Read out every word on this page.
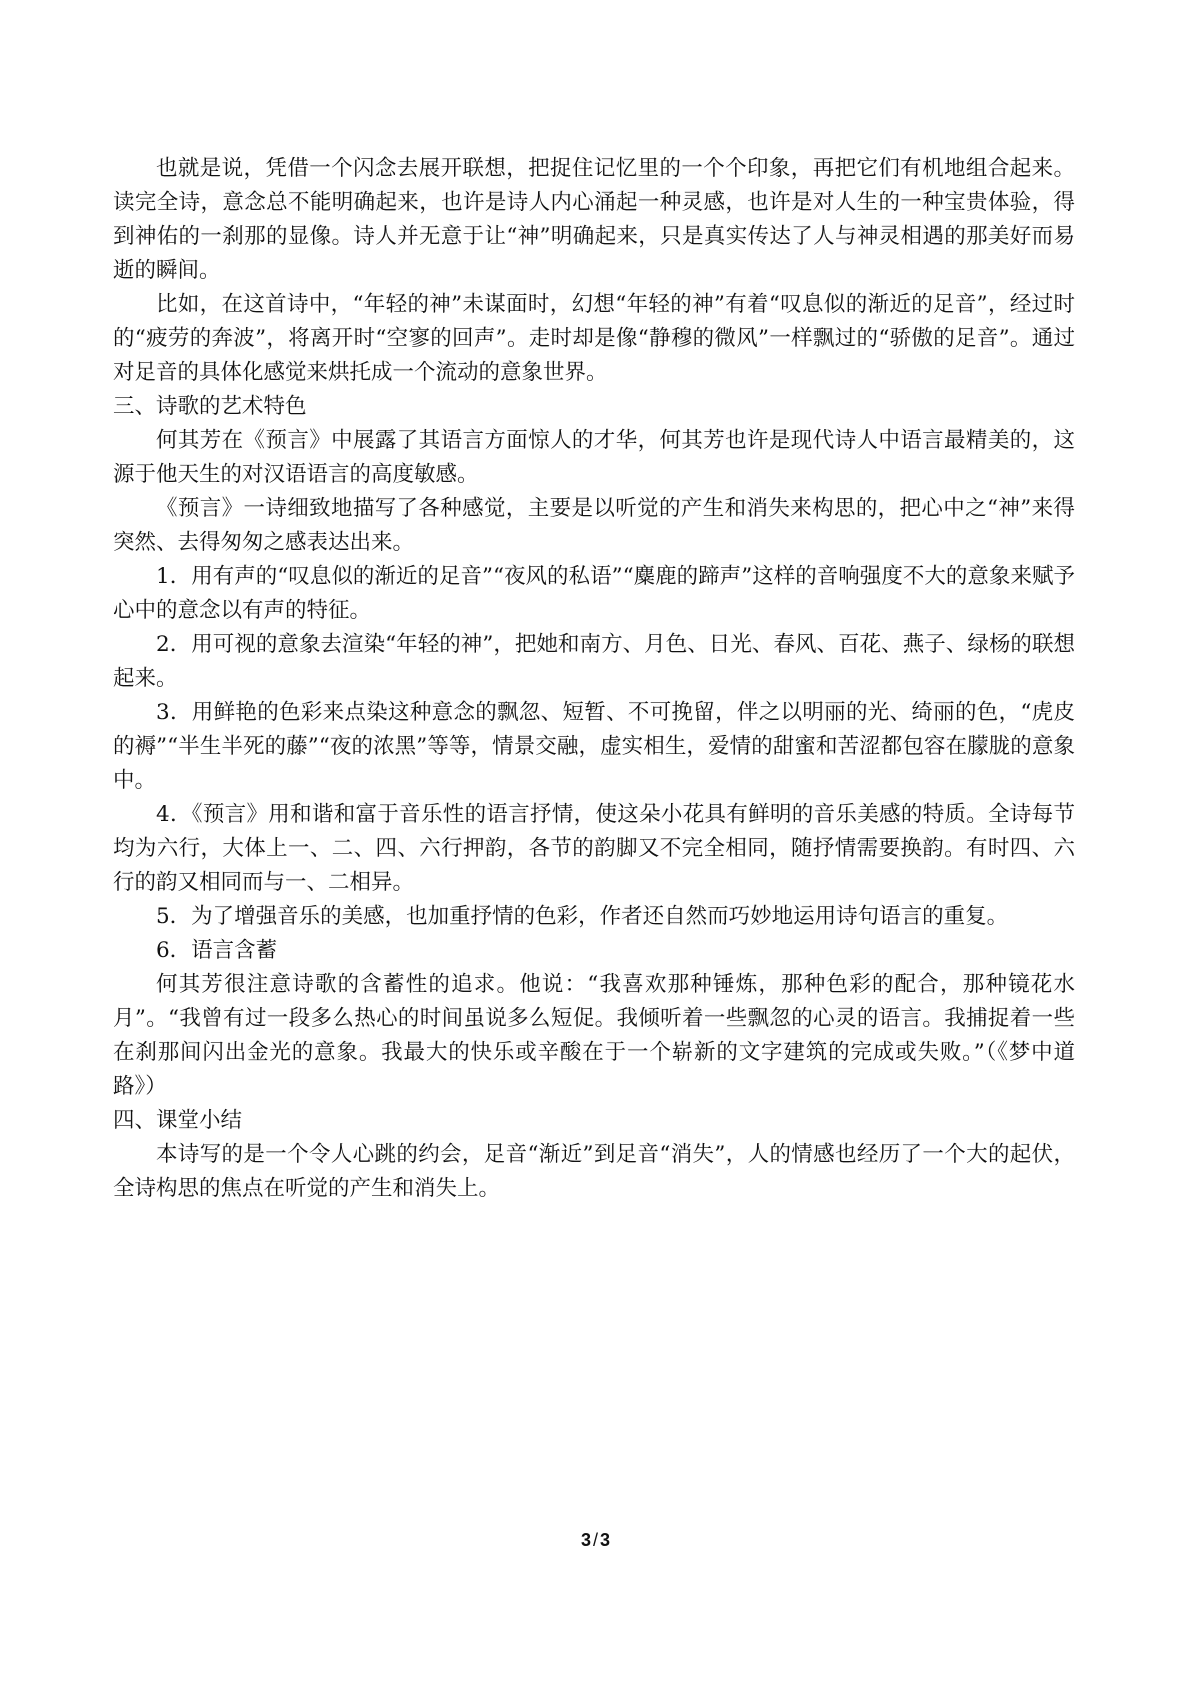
也就是说，凭借一个闪念去展开联想，把捉住记忆里的一个个印象，再把它们有机地组合起来。读完全诗，意念总不能明确起来，也许是诗人内心涌起一种灵感，也许是对人生的一种宝贵体验，得到神佑的一刹那的显像。诗人并无意于让“神”明确起来，只是真实传达了人与神灵相遇的那美好而易逝的瞬间。

比如，在这首诗中，“年轻的神”未谋面时，幻想“年轻的神”有着“叹息似的渐近的足音”，经过时的“疲劳的奔波”，将离开时“空寥的回声”。走时却是像“静穆的微风”一样飘过的“骄傲的足音”。通过对足音的具体化感觉来烘托成一个流动的意象世界。

三、诗歌的艺术特色

何其芳在《预言》中展露了其语言方面惊人的才华，何其芳也许是现代诗人中语言最精美的，这源于他天生的对汉语语言的高度敏感。

《预言》一诗细致地描写了各种感觉，主要是以听觉的产生和消失来构思的，把心中之“神”来得突然、去得匆匆之感表达出来。

1．用有声的“叹息似的渐近的足音”“夜风的私语”“麋鹿的蹄声”这样的音响强度不大的意象来赋予心中的意念以有声的特征。

2．用可视的意象去渲染“年轻的神”，把她和南方、月色、日光、春风、百花、燕子、绿杨的联想起来。

3．用鲜艳的色彩来点染这种意念的飘忽、短暂、不可挽留，伴之以明丽的光、绮丽的色，“虎皮的褥”“半生半死的藤”“夜的浓黑”等等，情景交融，虚实相生，爱情的甜蜜和苦涩都包容在朦胧的意象中。

4．《预言》用和谐和富于音乐性的语言抒情，使这朵小花具有鲜明的音乐美感的特质。全诗每节均为六行，大体上一、二、四、六行押韵，各节的韵脚又不完全相同，随抒情需要换韵。有时四、六行的韵又相同而与一、二相异。

5．为了增强音乐的美感，也加重抒情的色彩，作者还自然而巧妙地运用诗句语言的重复。

6．语言含蓄

何其芳很注意诗歌的含蓄性的追求。他说：“我喜欢那种锤炼，那种色彩的配合，那种镜花水月”。“我曾有过一段多么热心的时间虽说多么短促。我倾听着一些飘忽的心灵的语言。我捕捉着一些在刹那间闪出金光的意象。我最大的快乐或辛酸在于一个崭新的文字建筑的完成或失败。”（《梦中道路》）

四、课堂小结

本诗写的是一个令人心跳的约会，足音“渐近”到足音“消失”，人的情感也经历了一个大的起伏，全诗构思的焦点在听觉的产生和消失上。

3 / 3
